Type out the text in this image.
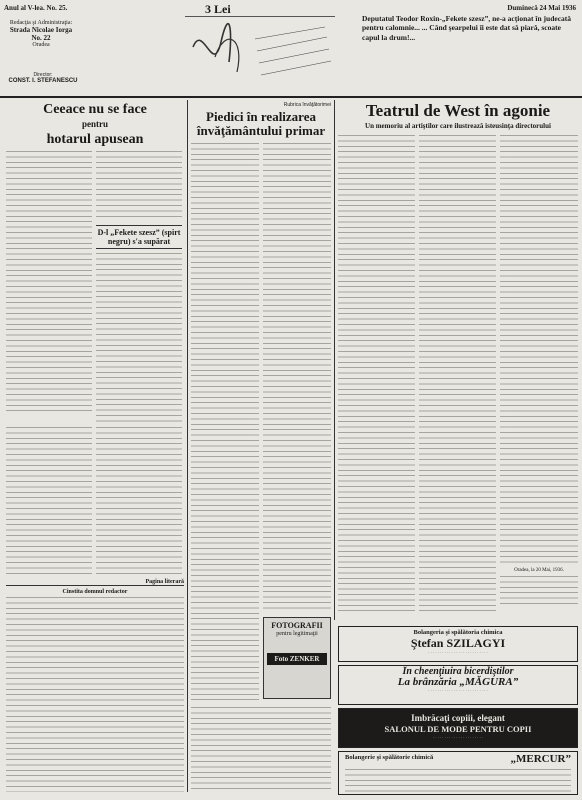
Anul al V-lea. No. 25.	3 Lei	Duminecă 24 Mai 1936
Redacţia şi Administraţia:
Strada Nicolae Iorga No. 22
Oradea
Director:
CONST. I. STEFANESCU
Deputatul Teodor Roxin-„Fekete szesz”, ne-a acţionat în judecată pentru calomnie... ... Când şearpelui îi este dat să piară, scoate capul la drum!...
Ceeace nu se face
pentru
hotarul apusean
D-l „Fekete szesz” (spirt negru) s'a supărat
Pagina literară
Cinstita domnul redactor
Rubrica învăţătorimei
Piedici în realizarea învăţământului primar
FOTOGRAFII
pentru legitimaţii
Foto ZENKER
Teatrul de West în agonie
Un memoriu al artiştilor care ilustrează isteusinţa directorului
Oradea, la 20 Mai, 1936.
Bolangeria şi spălătoria chimica
Ştefan SZILAGYI
· · · · · · · · · · · · · · · · · · · · · · · · · ·
În cheenţiuira bicerdiştilor
La brânzăria „MĂGURA”
· · · · · · · · · · · · · · · · · · · · · · · · · ·
Imbrăcaţi copiii, elegant
SALONUL DE MODE PENTRU COPII
· · · · · · · · · · · · · · · · · · · · · ·
Bolangerie şi spălătorie chimică	„MERCUR”
